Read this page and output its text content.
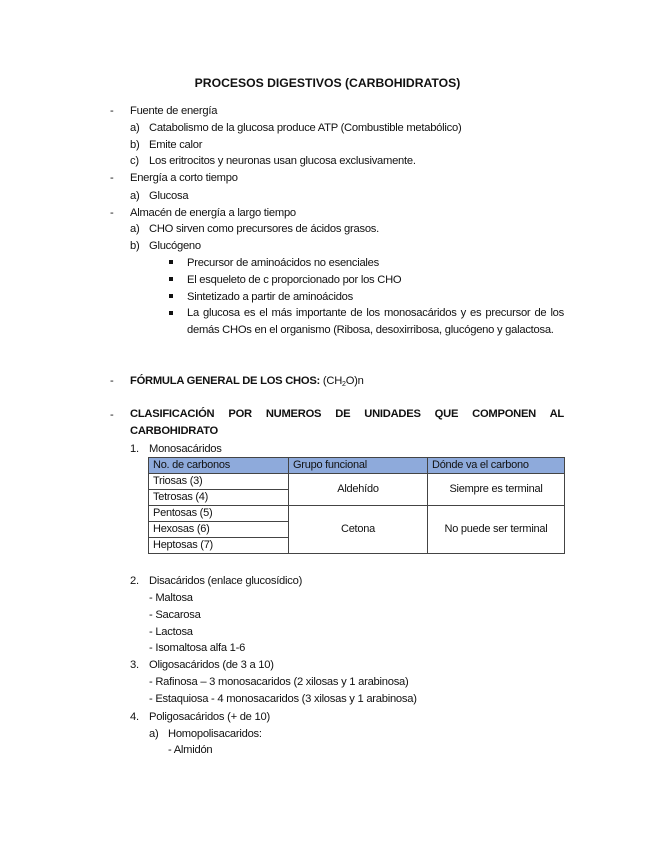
PROCESOS DIGESTIVOS (CARBOHIDRATOS)
- Fuente de energía
a) Catabolismo de la glucosa produce ATP (Combustible metabólico)
b) Emite calor
c) Los eritrocitos y neuronas usan glucosa exclusivamente.
- Energía a corto tiempo
a) Glucosa
- Almacén de energía a largo tiempo
a) CHO sirven como precursores de ácidos grasos.
b) Glucógeno
Precursor de aminoácidos no esenciales
El esqueleto de c proporcionado por los CHO
Sintetizado a partir de aminoácidos
La glucosa es el más importante de los monosacáridos y es precursor de los demás CHOs en el organismo (Ribosa, desoxirribosa, glucógeno y galactosa.
- FÓRMULA GENERAL DE LOS CHOS: $(CH_2O)n$
- CLASIFICACIÓN POR NUMEROS DE UNIDADES QUE COMPONEN AL CARBOHIDRATO
1. Monosacáridos
No. de carbonos	Grupo funcional	Dónde va el carbono
Triosas (3)	Aldehído	Siempre es terminal
Tetrosas (4)		
Pentosas (5)	Cetona	No puede ser terminal
Hexosas (6)		
Heptosas (7)		
2. Disacáridos (enlace glucosídico)
- Maltosa
- Sacarosa
- Lactosa
- Isomaltosa alfa 1-6
3. Oligosacáridos (de 3 a 10)
- Rafinosa – 3 monosacaridos (2 xilosas y 1 arabinosa)
- Estaquiosa - 4 monosacaridos (3 xilosas y 1 arabinosa)
4. Poligosacáridos (+ de 10)
a) Homopolisacaridos:
- Almidón
